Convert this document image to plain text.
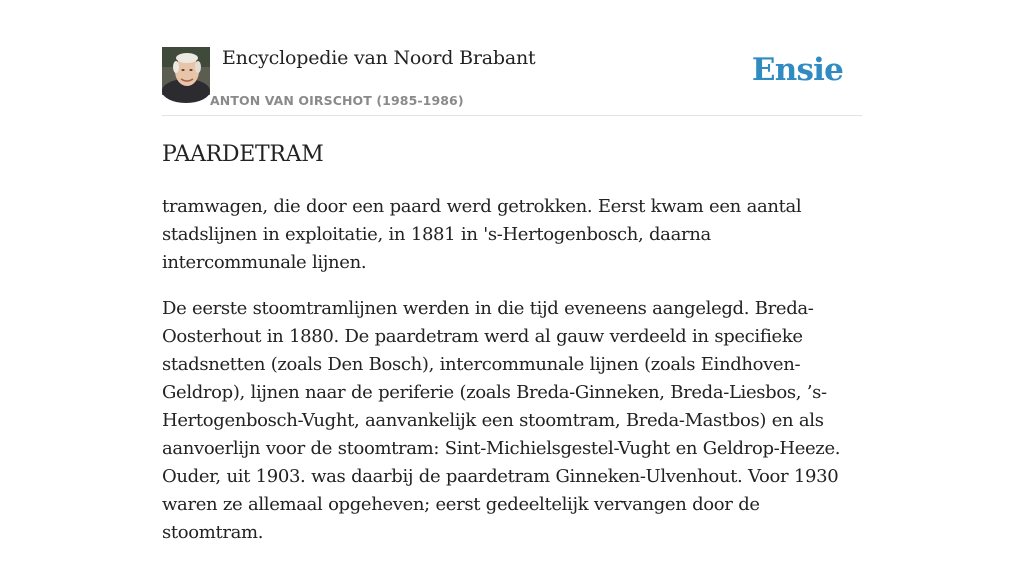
Encyclopedie van Noord Brabant
ANTON VAN OIRSCHOT (1985-1986)
Ensie
PAARDETRAM

tramwagen, die door een paard werd getrokken. Eerst kwam een aantal stadslijnen in exploitatie, in 1881 in 's-Hertogenbosch, daarna intercommunale lijnen.

De eerste stoomtramlijnen werden in die tijd eveneens aangelegd. Breda-Oosterhout in 1880. De paardetram werd al gauw verdeeld in specifieke stadsnetten (zoals Den Bosch), intercommunale lijnen (zoals Eindhoven-Geldrop), lijnen naar de periferie (zoals Breda-Ginneken, Breda-Liesbos, ’s-Hertogenbosch-Vught, aanvankelijk een stoomtram, Breda-Mastbos) en als aanvoerlijn voor de stoomtram: Sint-Michielsgestel-Vught en Geldrop-Heeze. Ouder, uit 1903. was daarbij de paardetram Ginneken-Ulvenhout. Voor 1930 waren ze allemaal opgeheven; eerst gedeeltelijk vervangen door de stoomtram.
